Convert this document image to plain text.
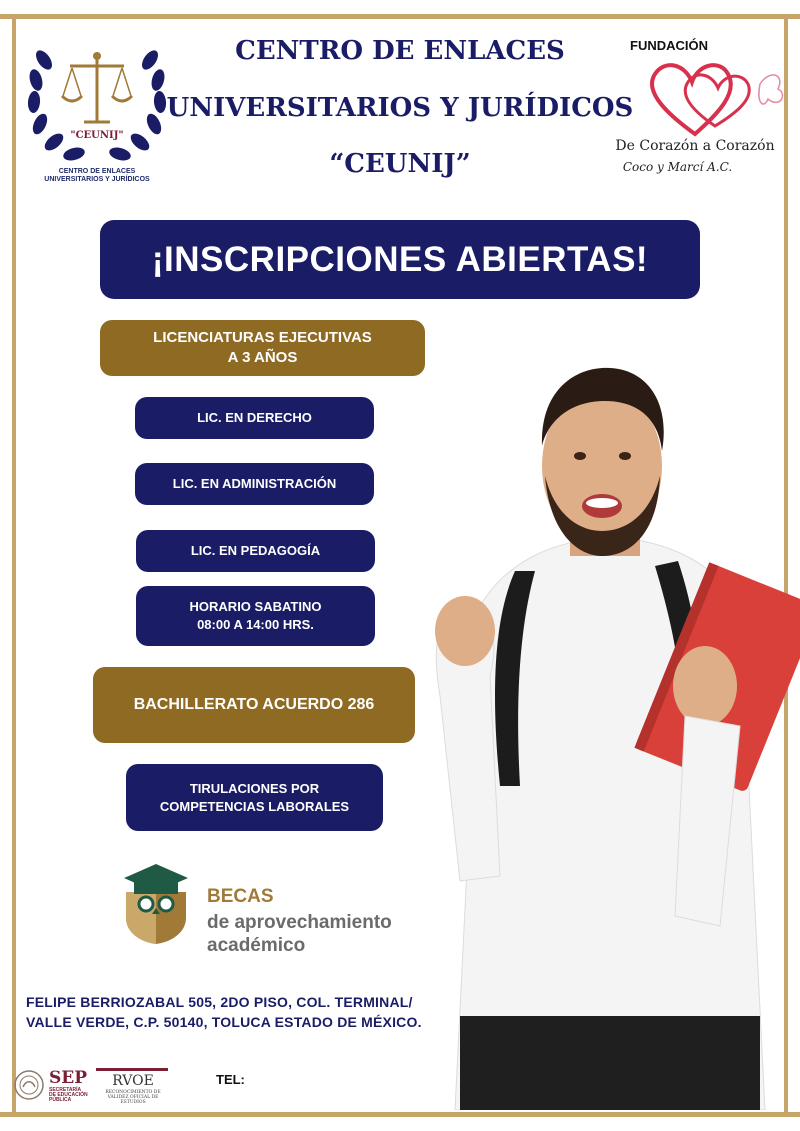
"CEUNIJ"
CENTRO DE ENLACES
UNIVERSITARIOS Y JURÍDICOS
CENTRO DE ENLACES
UNIVERSITARIOS Y JURÍDICOS
“CEUNIJ”
FUNDACIÓN
De Corazón a Corazón
Coco y Marcí A.C.
¡INSCRIPCIONES ABIERTAS!
LICENCIATURAS EJECUTIVAS
A 3 AÑOS
LIC. EN DERECHO
LIC. EN ADMINISTRACIÓN
LIC. EN PEDAGOGÍA
HORARIO SABATINO
08:00 A 14:00 HRS.
BACHILLERATO ACUERDO 286
TIRULACIONES POR
COMPETENCIAS LABORALES
BECAS
de aprovechamiento
académico
FELIPE BERRIOZABAL 505, 2DO PISO, COL. TERMINAL/
VALLE VERDE, C.P. 50140, TOLUCA ESTADO DE MÉXICO.
SEP
SECRETARÍA
DE EDUCACIÓN
PÚBLICA
RVOE
RECONOCIMIENTO DE
VALIDEZ OFICIAL DE
ESTUDIOS
TEL:
